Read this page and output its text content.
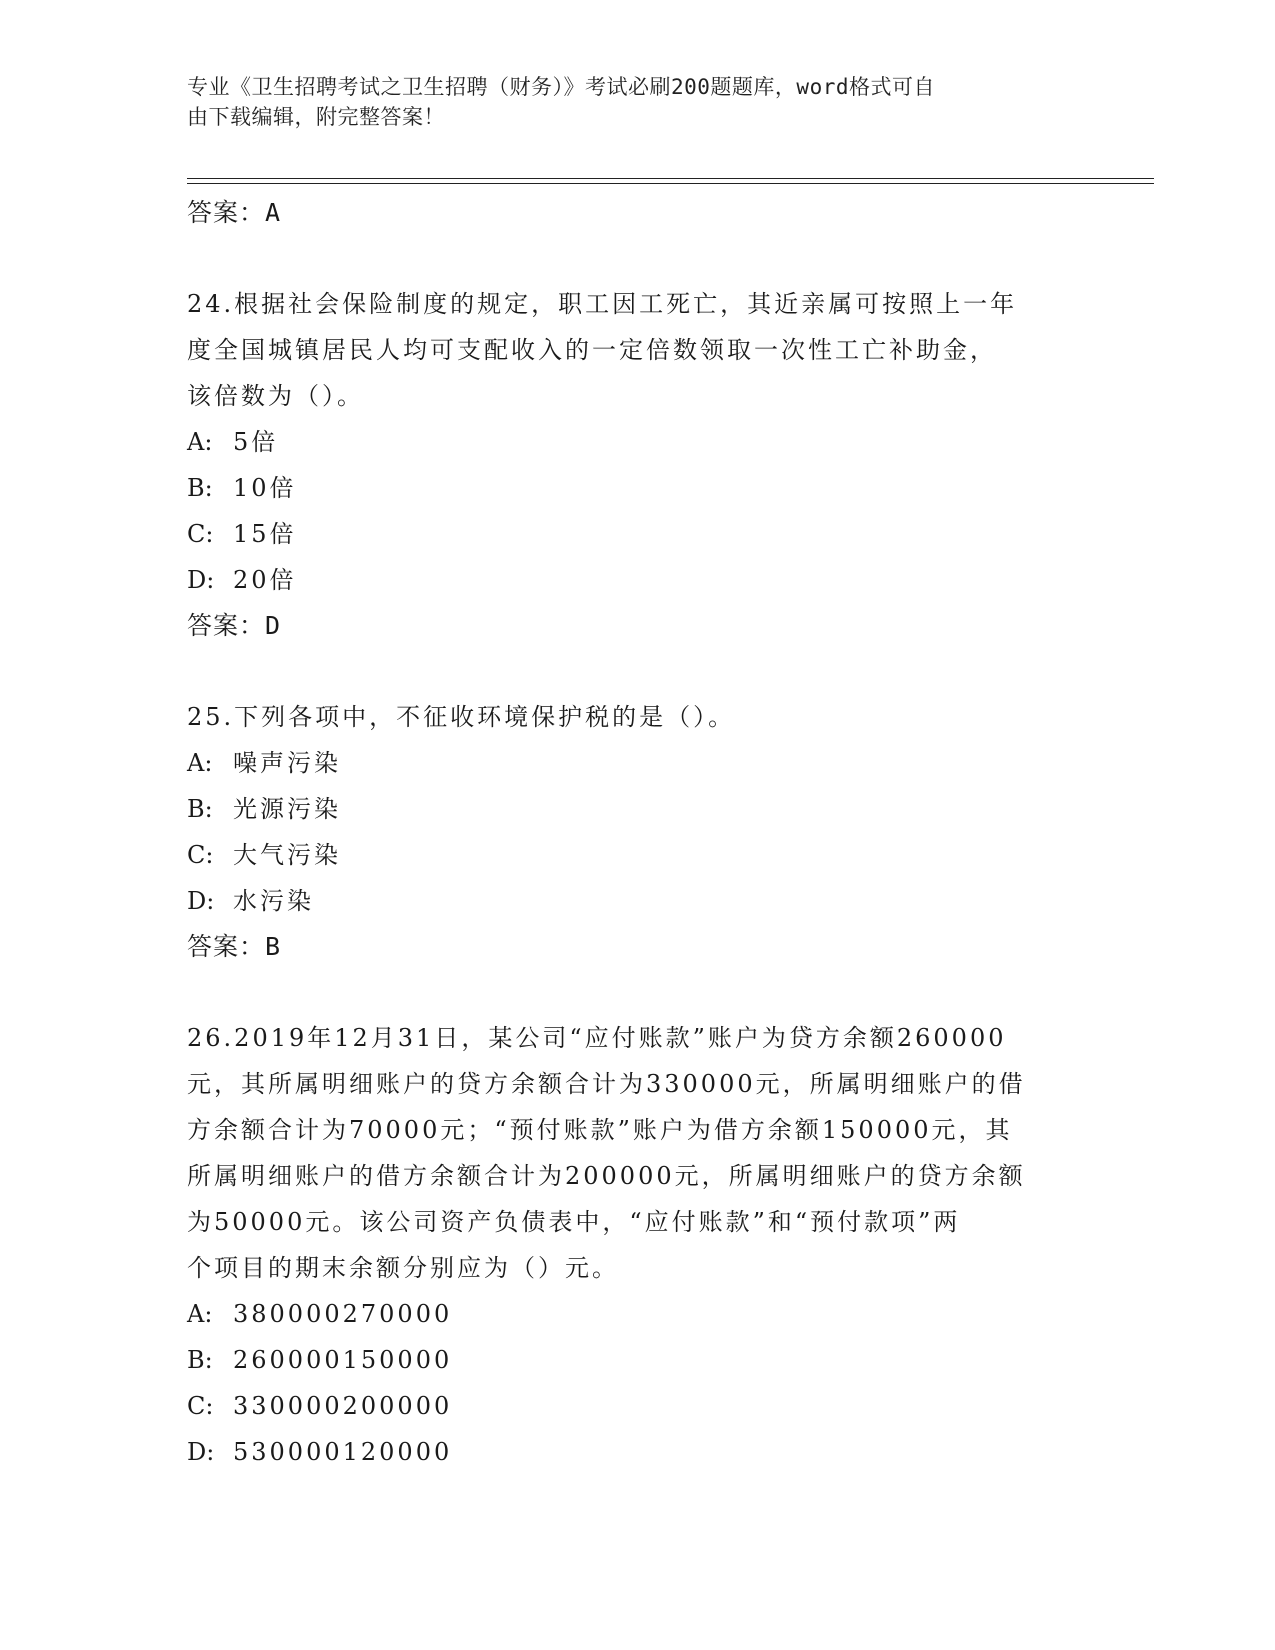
专业《卫生招聘考试之卫生招聘（财务）》考试必刷200题题库，word格式可自
由下载编辑，附完整答案！
答案：A
24.根据社会保险制度的规定，职工因工死亡，其近亲属可按照上一年
度全国城镇居民人均可支配收入的一定倍数领取一次性工亡补助金，
该倍数为（）。
A: 5倍
B: 10倍
C: 15倍
D: 20倍
答案：D
25.下列各项中，不征收环境保护税的是（）。
A: 噪声污染
B: 光源污染
C: 大气污染
D: 水污染
答案：B
26.2019年12月31日，某公司“应付账款”账户为贷方余额260000
元，其所属明细账户的贷方余额合计为330000元，所属明细账户的借
方余额合计为70000元；“预付账款”账户为借方余额150000元，其
所属明细账户的借方余额合计为200000元，所属明细账户的贷方余额
为50000元。该公司资产负债表中，“应付账款”和“预付款项”两
个项目的期末余额分别应为（）元。
A: 380000270000
B: 260000150000
C: 330000200000
D: 530000120000
